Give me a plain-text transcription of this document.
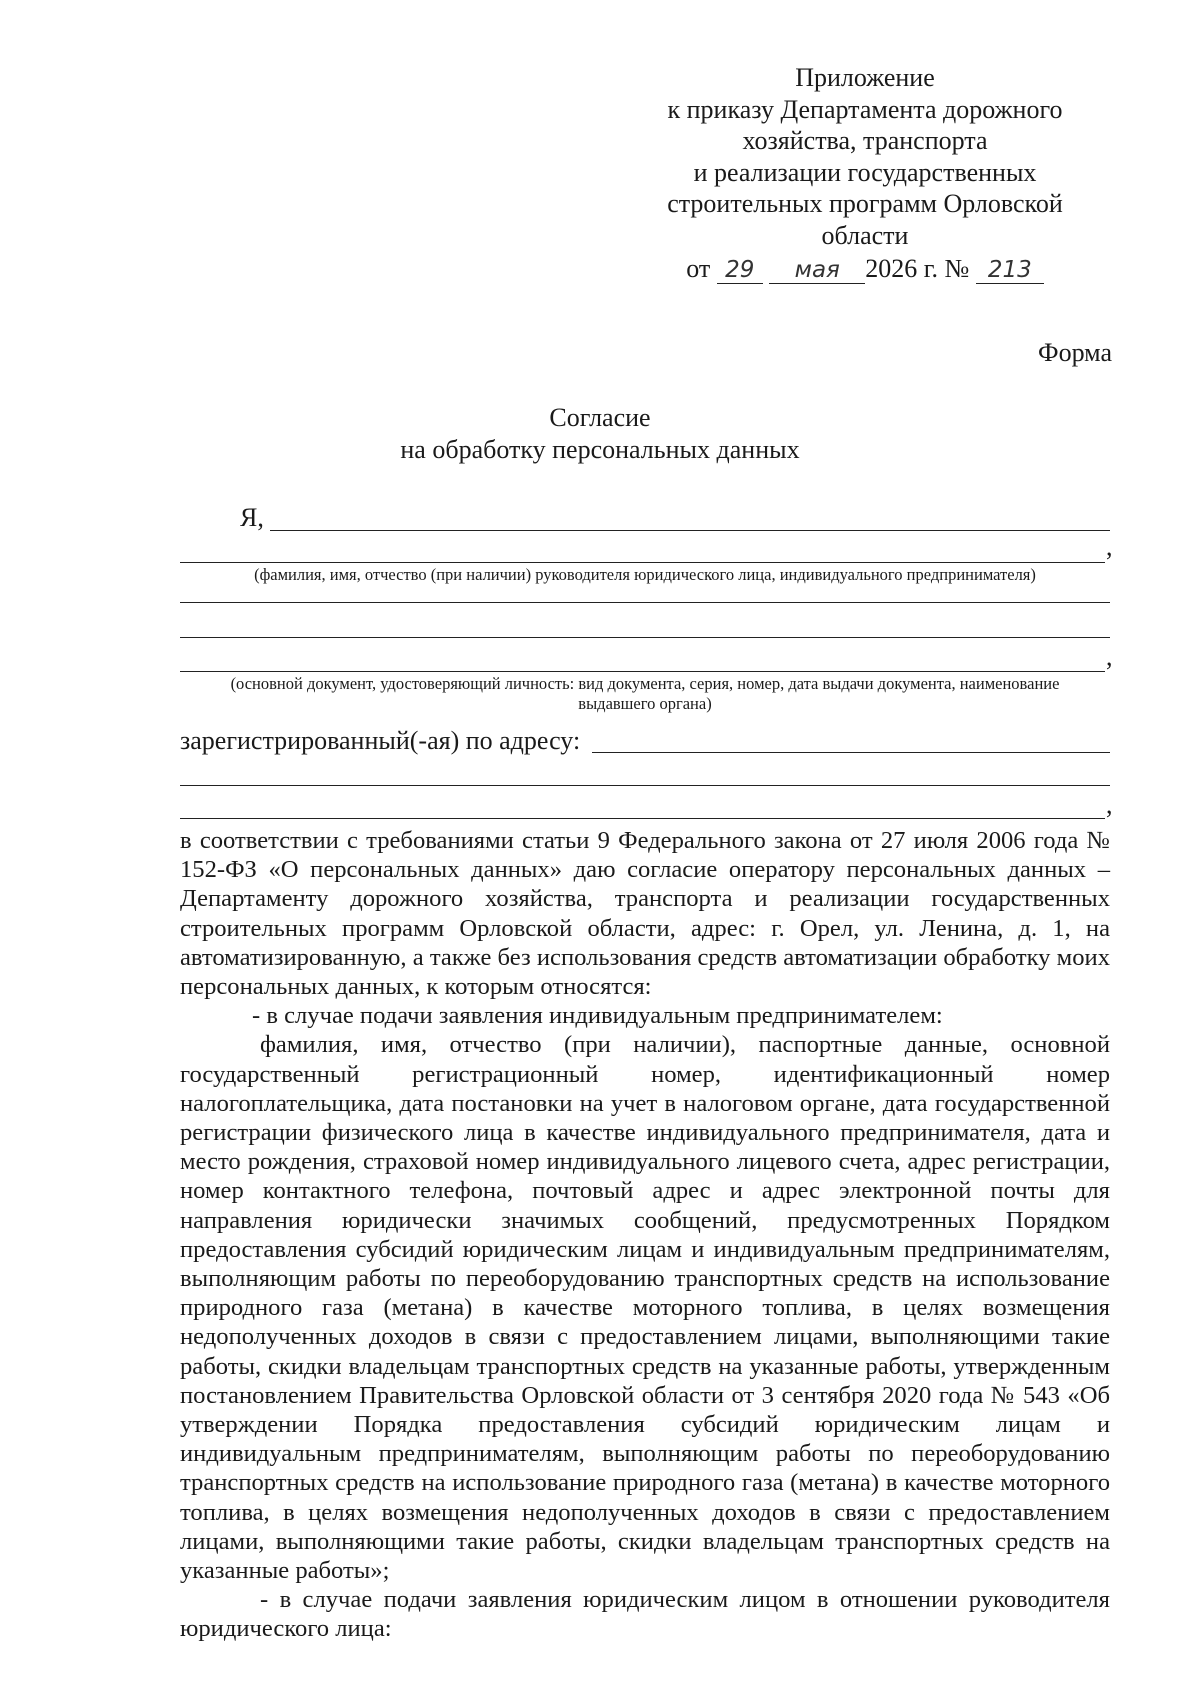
Приложение
к приказу Департамента дорожного
хозяйства, транспорта
и реализации государственных
строительных программ Орловской
области
от 29 мая 2026 г. № 213
Форма
Согласие
на обработку персональных данных
Я,
,
(фамилия, имя, отчество (при наличии) руководителя юридического лица, индивидуального предпринимателя)
,
(основной документ, удостоверяющий личность: вид документа, серия, номер, дата выдачи документа, наименование
выдавшего органа)
зарегистрированный(-ая) по адресу:
,

в соответствии с требованиями статьи 9 Федерального закона от 27 июля 2006 года № 152-ФЗ «О персональных данных» даю согласие оператору персональных данных – Департаменту дорожного хозяйства, транспорта и реализации государственных строительных программ Орловской области, адрес: г. Орел, ул. Ленина, д. 1, на автоматизированную, а также без использования средств автоматизации обработку моих персональных данных, к которым относятся:

- в случае подачи заявления индивидуальным предпринимателем:

фамилия, имя, отчество (при наличии), паспортные данные, основной государственный регистрационный номер, идентификационный номер налогоплательщика, дата постановки на учет в налоговом органе, дата государственной регистрации физического лица в качестве индивидуального предпринимателя, дата и место рождения, страховой номер индивидуального лицевого счета, адрес регистрации, номер контактного телефона, почтовый адрес и адрес электронной почты для направления юридически значимых сообщений, предусмотренных Порядком предоставления субсидий юридическим лицам и индивидуальным предпринимателям, выполняющим работы по переоборудованию транспортных средств на использование природного газа (метана) в качестве моторного топлива, в целях возмещения недополученных доходов в связи с предоставлением лицами, выполняющими такие работы, скидки владельцам транспортных средств на указанные работы, утвержденным постановлением Правительства Орловской области от 3 сентября 2020 года № 543 «Об утверждении Порядка предоставления субсидий юридическим лицам и индивидуальным предпринимателям, выполняющим работы по переоборудованию транспортных средств на использование природного газа (метана) в качестве моторного топлива, в целях возмещения недополученных доходов в связи с предоставлением лицами, выполняющими такие работы, скидки владельцам транспортных средств на указанные работы»;

- в случае подачи заявления юридическим лицом в отношении руководителя юридического лица:
